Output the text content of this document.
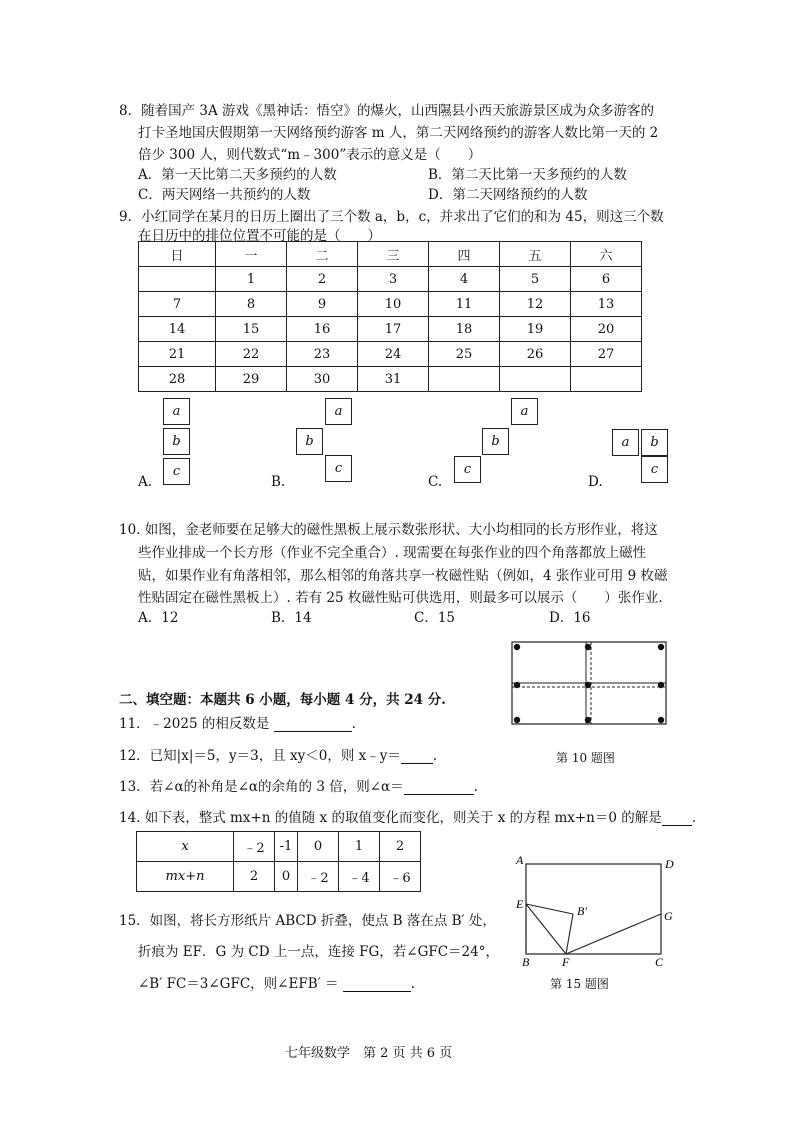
8．随着国产 3A 游戏《黑神话：悟空》的爆火，山西隰县小西天旅游景区成为众多游客的
打卡圣地国庆假期第一天网络预约游客 m 人，第二天网络预约的游客人数比第一天的 2
倍少 300 人，则代数式“m﹣300”表示的意义是（　　）
A．第一天比第二天多预约的人数	B．第二天比第一天多预约的人数
C．两天网络一共预约的人数	D．第二天网络预约的人数
9．小红同学在某月的日历上圈出了三个数 a，b，c，并求出了它们的和为 45，则这三个数
在日历中的排位位置不可能的是（　　）
日	一	二	三	四	五	六
	1	2	3	4	5	6
7	8	9	10	11	12	13
14	15	16	17	18	19	20
21	22	23	24	25	26	27
28	29	30	31			
a
b
c
A.
a
b
c
B.
a
b
c
C.
a	b
c
D.
10. 如图，金老师要在足够大的磁性黑板上展示数张形状、大小均相同的长方形作业，将这
些作业排成一个长方形（作业不完全重合）. 现需要在每张作业的四个角落都放上磁性
贴，如果作业有角落相邻，那么相邻的角落共享一枚磁性贴（例如，4 张作业可用 9 枚磁
性贴固定在磁性黑板上）. 若有 25 枚磁性贴可供选用，则最多可以展示（　　）张作业.
A．12	B．14	C．15	D．16
第 10 题图
二、填空题：本题共 6 小题，每小题 4 分，共 24 分.
11．﹣2025 的相反数是	.
12．已知|x|＝5，y＝3，且 xy＜0，则 x﹣y＝ .
13．若∠α的补角是∠α的余角的 3 倍，则∠α＝	.
14. 如下表，整式 mx+n 的值随 x 的取值变化而变化，则关于 x 的方程 mx+n＝0 的解是 .
x	﹣2	-1	0	1	2
mx+n	2	0	﹣2	﹣4	﹣6
15．如图，将长方形纸片 ABCD 折叠，使点 B 落在点 B′ 处，
折痕为 EF．G 为 CD 上一点，连接 FG，若∠GFC＝24°，
∠B′ FC＝3∠GFC，则∠EFB′ ＝	.
A	D
E	B′	G
B	F	C
第 15 题图
七年级数学　第 2 页 共 6 页
